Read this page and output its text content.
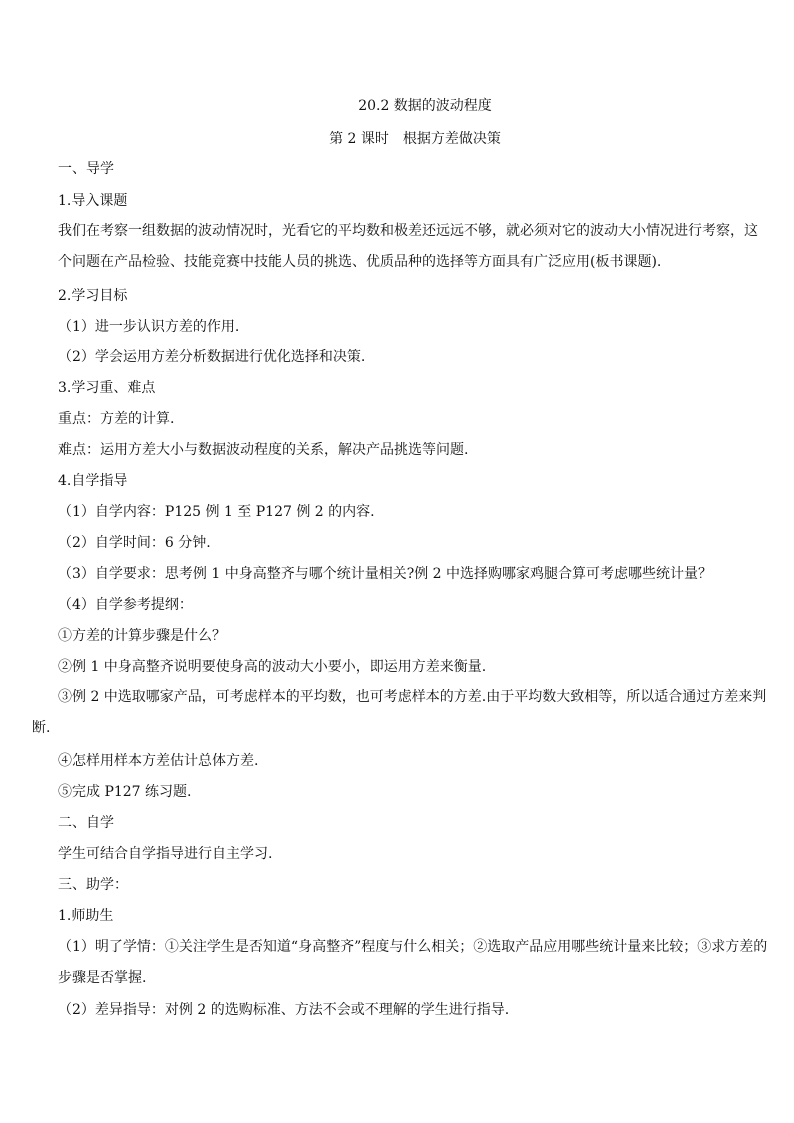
20.2 数据的波动程度
第 2 课时　根据方差做决策

一、导学

1.导入课题

我们在考察一组数据的波动情况时，光看它的平均数和极差还远远不够，就必须对它的波动大小情况进行考察，这个问题在产品检验、技能竞赛中技能人员的挑选、优质品种的选择等方面具有广泛应用(板书课题).

2.学习目标

（1）进一步认识方差的作用.

（2）学会运用方差分析数据进行优化选择和决策.

3.学习重、难点

重点：方差的计算.

难点：运用方差大小与数据波动程度的关系，解决产品挑选等问题.

4.自学指导

（1）自学内容：P125 例 1 至 P127 例 2 的内容.

（2）自学时间：6 分钟.

（3）自学要求：思考例 1 中身高整齐与哪个统计量相关?例 2 中选择购哪家鸡腿合算可考虑哪些统计量？

（4）自学参考提纲：

①方差的计算步骤是什么？

②例 1 中身高整齐说明要使身高的波动大小要小，即运用方差来衡量.

③例 2 中选取哪家产品，可考虑样本的平均数，也可考虑样本的方差.由于平均数大致相等，所以适合通过方差来判断.

④怎样用样本方差估计总体方差.

⑤完成 P127 练习题.

二、自学

学生可结合自学指导进行自主学习.

三、助学：

1.师助生

（1）明了学情：①关注学生是否知道“身高整齐”程度与什么相关；②选取产品应用哪些统计量来比较；③求方差的步骤是否掌握.

（2）差异指导：对例 2 的选购标准、方法不会或不理解的学生进行指导.
